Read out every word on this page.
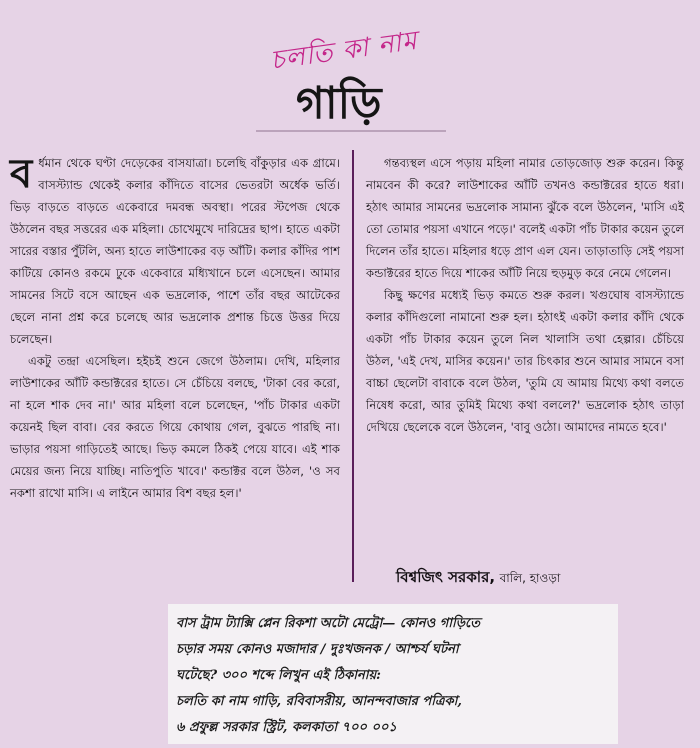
চলতি কা নাম
গাড়ি

বর্ধমান থেকে ঘণ্টা দেড়েকের বাসযাত্রা। চলেছি বাঁকুড়ার এক গ্রামে। বাসস্ট্যান্ড থেকেই কলার কাঁদিতে বাসের ভেতরটা অর্ধেক ভর্তি। ভিড় বাড়তে বাড়তে একেবারে দমবন্ধ অবস্থা। পরের স্টপেজ থেকে উঠলেন বছর সত্তরের এক মহিলা। চোখেমুখে দারিদ্রের ছাপ। হাতে একটা সারের বস্তার পুঁটলি, অন্য হাতে লাউশাকের বড় আঁটি। কলার কাঁদির পাশ কাটিয়ে কোনও রকমে ঢুকে একেবারে মধ্যিখানে চলে এসেছেন। আমার সামনের সিটে বসে আছেন এক ভদ্রলোক, পাশে তাঁর বছর আটেকের ছেলে নানা প্রশ্ন করে চলেছে আর ভদ্রলোক প্রশান্ত চিত্তে উত্তর দিয়ে চলেছেন।

একটু তন্দ্রা এসেছিল। হইচই শুনে জেগে উঠলাম। দেখি, মহিলার লাউশাকের আঁটি কন্ডাক্টরের হাতে। সে চেঁচিয়ে বলছে, 'টাকা বের করো, না হলে শাক দেব না।' আর মহিলা বলে চলেছেন, 'পাঁচ টাকার একটা কয়েনই ছিল বাবা। বের করতে গিয়ে কোথায় গেল, বুঝতে পারছি না। ভাড়ার পয়সা গাড়িতেই আছে। ভিড় কমলে ঠিকই পেয়ে যাবে। এই শাক মেয়ের জন্য নিয়ে যাচ্ছি। নাতিপুতি খাবে।' কন্ডাক্টর বলে উঠল, 'ও সব নকশা রাখো মাসি। এ লাইনে আমার বিশ বছর হল।'

গন্তব্যস্থল এসে পড়ায় মহিলা নামার তোড়জোড় শুরু করেন। কিন্তু নামবেন কী করে? লাউশাকের আঁটি তখনও কন্ডাক্টরের হাতে ধরা। হঠাৎ আমার সামনের ভদ্রলোক সামান্য ঝুঁকে বলে উঠলেন, 'মাসি এই তো তোমার পয়সা এখানে পড়ে।' বলেই একটা পাঁচ টাকার কয়েন তুলে দিলেন তাঁর হাতে। মহিলার ধড়ে প্রাণ এল যেন। তাড়াতাড়ি সেই পয়সা কন্ডাক্টরের হাতে দিয়ে শাকের আঁটি নিয়ে হুড়মুড় করে নেমে গেলেন।

কিছু ক্ষণের মধ্যেই ভিড় কমতে শুরু করল। খগুঘোষ বাসস্ট্যান্ডে কলার কাঁদিগুলো নামানো শুরু হল। হঠাৎই একটা কলার কাঁদি থেকে একটা পাঁচ টাকার কয়েন তুলে নিল খালাসি তথা হেল্পার। চেঁচিয়ে উঠল, 'এই দেখ, মাসির কয়েন।' তার চিৎকার শুনে আমার সামনে বসা বাচ্চা ছেলেটা বাবাকে বলে উঠল, 'তুমি যে আমায় মিথ্যে কথা বলতে নিষেধ করো, আর তুমিই মিথ্যে কথা বললে?' ভদ্রলোক হঠাৎ তাড়া দেখিয়ে ছেলেকে বলে উঠলেন, 'বাবু ওঠো। আমাদের নামতে হবে।'

বিশ্বজিৎ সরকার, বালি, হাওড়া
বাস ট্রাম ট্যাক্সি প্লেন রিকশা অটো মেট্রো— কোনও গাড়িতে
চড়ার সময় কোনও মজাদার / দুঃখজনক / আশ্চর্য ঘটনা
ঘটেছে? ৩০০ শব্দে লিখুন এই ঠিকানায়:
চলতি কা নাম গাড়ি, রবিবাসরীয়, আনন্দবাজার পত্রিকা,
৬ প্রফুল্ল সরকার স্ট্রিট, কলকাতা ৭০০ ০০১
